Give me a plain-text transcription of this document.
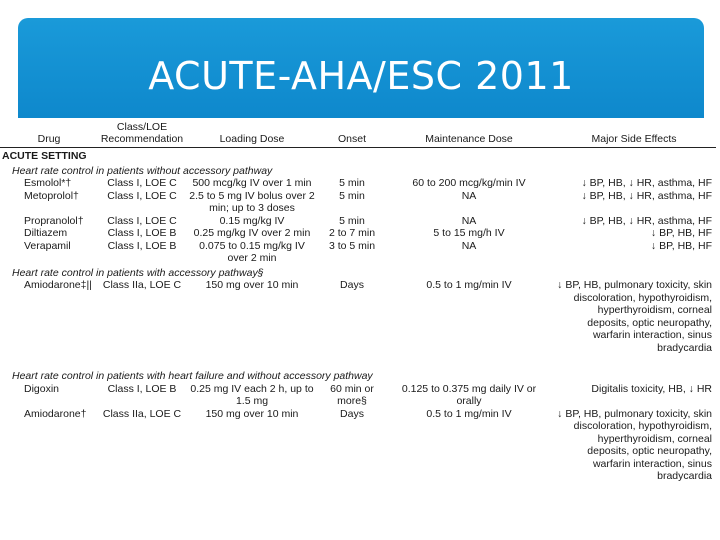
ACUTE-AHA/ESC 2011
Drug	Class/LOE Recommendation	Loading Dose	Onset	Maintenance Dose	Major Side Effects
ACUTE SETTING					
Heart rate control in patients without accessory pathway					
Esmolol*†	Class I, LOE C	500 mcg/kg IV over 1 min	5 min	60 to 200 mcg/kg/min IV	↓ BP, HB, ↓ HR, asthma, HF
Metoprolol†	Class I, LOE C	2.5 to 5 mg IV bolus over 2 min; up to 3 doses	5 min	NA	↓ BP, HB, ↓ HR, asthma, HF
Propranolol†	Class I, LOE C	0.15 mg/kg IV	5 min	NA	↓ BP, HB, ↓ HR, asthma, HF
Diltiazem	Class I, LOE B	0.25 mg/kg IV over 2 min	2 to 7 min	5 to 15 mg/h IV	↓ BP, HB, HF
Verapamil	Class I, LOE B	0.075 to 0.15 mg/kg IV over 2 min	3 to 5 min	NA	↓ BP, HB, HF
Heart rate control in patients with accessory pathway§					
Amiodarone‡||	Class IIa, LOE C	150 mg over 10 min	Days	0.5 to 1 mg/min IV	↓ BP, HB, pulmonary toxicity, skin discoloration, hypothyroidism, hyperthyroidism, corneal deposits, optic neuropathy, warfarin interaction, sinus bradycardia

Heart rate control in patients with heart failure and without accessory pathway					
Digoxin	Class I, LOE B	0.25 mg IV each 2 h, up to 1.5 mg	60 min or more§	0.125 to 0.375 mg daily IV or orally	Digitalis toxicity, HB, ↓ HR
Amiodarone†	Class IIa, LOE C	150 mg over 10 min	Days	0.5 to 1 mg/min IV	↓ BP, HB, pulmonary toxicity, skin discoloration, hypothyroidism, hyperthyroidism, corneal deposits, optic neuropathy, warfarin interaction, sinus bradycardia
